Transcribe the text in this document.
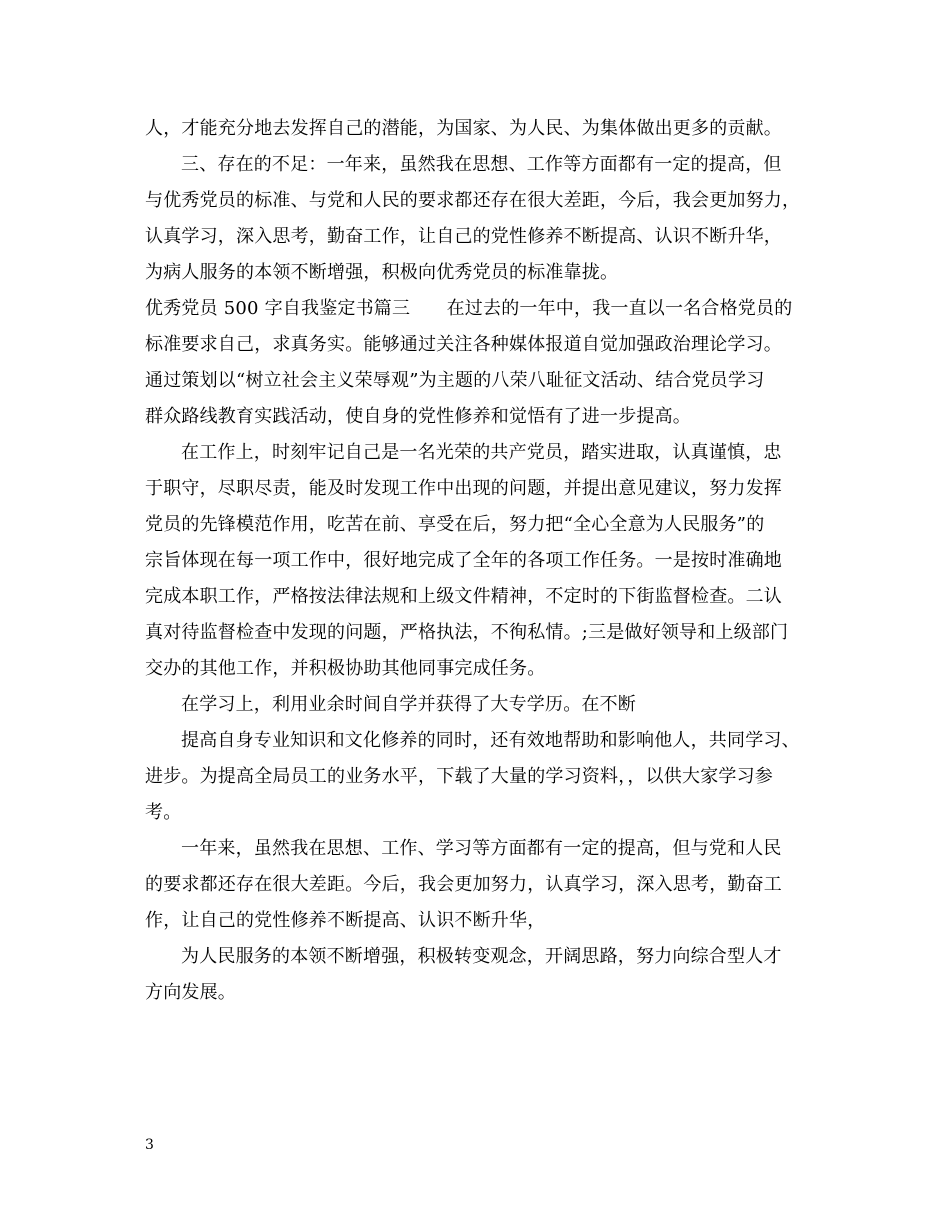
人，才能充分地去发挥自己的潜能，为国家、为人民、为集体做出更多的贡献。
三、存在的不足：一年来，虽然我在思想、工作等方面都有一定的提高，但
与优秀党员的标准、与党和人民的要求都还存在很大差距，今后，我会更加努力，
认真学习，深入思考，勤奋工作，让自己的党性修养不断提高、认识不断升华，
为病人服务的本领不断增强，积极向优秀党员的标准靠拢。
优秀党员 500 字自我鉴定书篇三　　在过去的一年中，我一直以一名合格党员的
标准要求自己，求真务实。能够通过关注各种媒体报道自觉加强政治理论学习。
通过策划以“树立社会主义荣辱观”为主题的八荣八耻征文活动、结合党员学习
群众路线教育实践活动，使自身的党性修养和觉悟有了进一步提高。
在工作上，时刻牢记自己是一名光荣的共产党员，踏实进取，认真谨慎，忠
于职守，尽职尽责，能及时发现工作中出现的问题，并提出意见建议，努力发挥
党员的先锋模范作用，吃苦在前、享受在后，努力把“全心全意为人民服务”的
宗旨体现在每一项工作中，很好地完成了全年的各项工作任务。一是按时准确地
完成本职工作，严格按法律法规和上级文件精神，不定时的下街监督检查。二认
真对待监督检查中发现的问题，严格执法，不徇私情。;三是做好领导和上级部门
交办的其他工作，并积极协助其他同事完成任务。
在学习上，利用业余时间自学并获得了大专学历。在不断
提高自身专业知识和文化修养的同时，还有效地帮助和影响他人，共同学习、
进步。为提高全局员工的业务水平，下载了大量的学习资料，，以供大家学习参
考。
一年来，虽然我在思想、工作、学习等方面都有一定的提高，但与党和人民
的要求都还存在很大差距。今后，我会更加努力，认真学习，深入思考，勤奋工
作，让自己的党性修养不断提高、认识不断升华，
为人民服务的本领不断增强，积极转变观念，开阔思路，努力向综合型人才
方向发展。
3
